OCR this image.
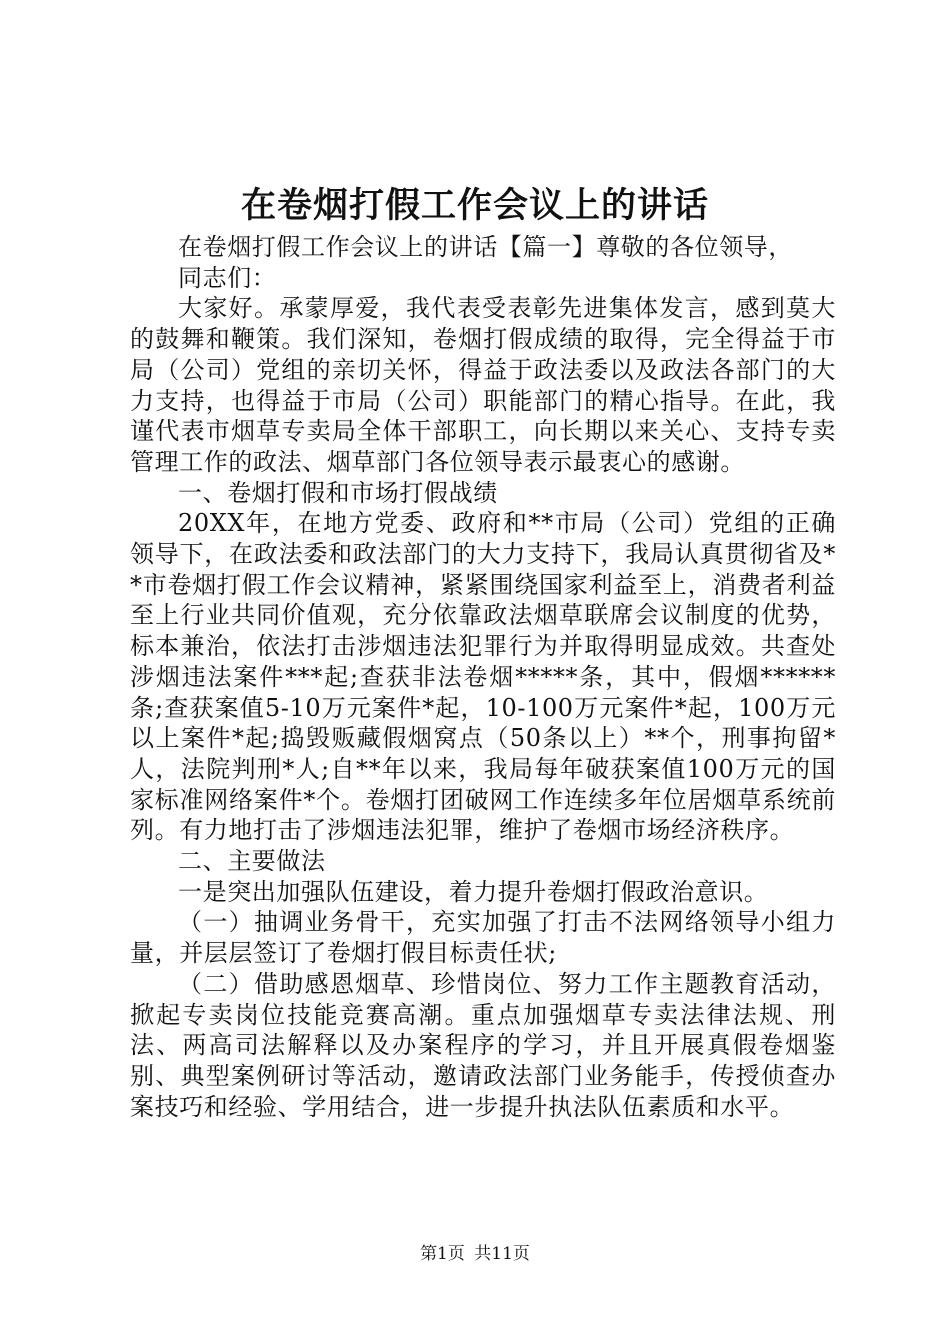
在卷烟打假工作会议上的讲话

在卷烟打假工作会议上的讲话【篇一】尊敬的各位领导，

同志们：

大家好。承蒙厚爱，我代表受表彰先进集体发言，感到莫大的鼓舞和鞭策。我们深知，卷烟打假成绩的取得，完全得益于市局（公司）党组的亲切关怀，得益于政法委以及政法各部门的大力支持，也得益于市局（公司）职能部门的精心指导。在此，我谨代表市烟草专卖局全体干部职工，向长期以来关心、支持专卖管理工作的政法、烟草部门各位领导表示最衷心的感谢。

一、卷烟打假和市场打假战绩

20XX年，在地方党委、政府和**市局（公司）党组的正确领导下，在政法委和政法部门的大力支持下，我局认真贯彻省及**市卷烟打假工作会议精神，紧紧围绕国家利益至上，消费者利益至上行业共同价值观，充分依靠政法烟草联席会议制度的优势，标本兼治，依法打击涉烟违法犯罪行为并取得明显成效。共查处涉烟违法案件***起;查获非法卷烟*****条，其中，假烟******条;查获案值5-10万元案件*起，10-100万元案件*起，100万元以上案件*起;捣毁贩藏假烟窝点（50条以上）**个，刑事拘留*人，法院判刑*人;自**年以来，我局每年破获案值100万元的国家标准网络案件*个。卷烟打团破网工作连续多年位居烟草系统前列。有力地打击了涉烟违法犯罪，维护了卷烟市场经济秩序。

二、主要做法

一是突出加强队伍建设，着力提升卷烟打假政治意识。

（一）抽调业务骨干，充实加强了打击不法网络领导小组力量，并层层签订了卷烟打假目标责任状;

（二）借助感恩烟草、珍惜岗位、努力工作主题教育活动，掀起专卖岗位技能竞赛高潮。重点加强烟草专卖法律法规、刑法、两高司法解释以及办案程序的学习，并且开展真假卷烟鉴别、典型案例研讨等活动，邀请政法部门业务能手，传授侦查办案技巧和经验、学用结合，进一步提升执法队伍素质和水平。

第1页 共11页
